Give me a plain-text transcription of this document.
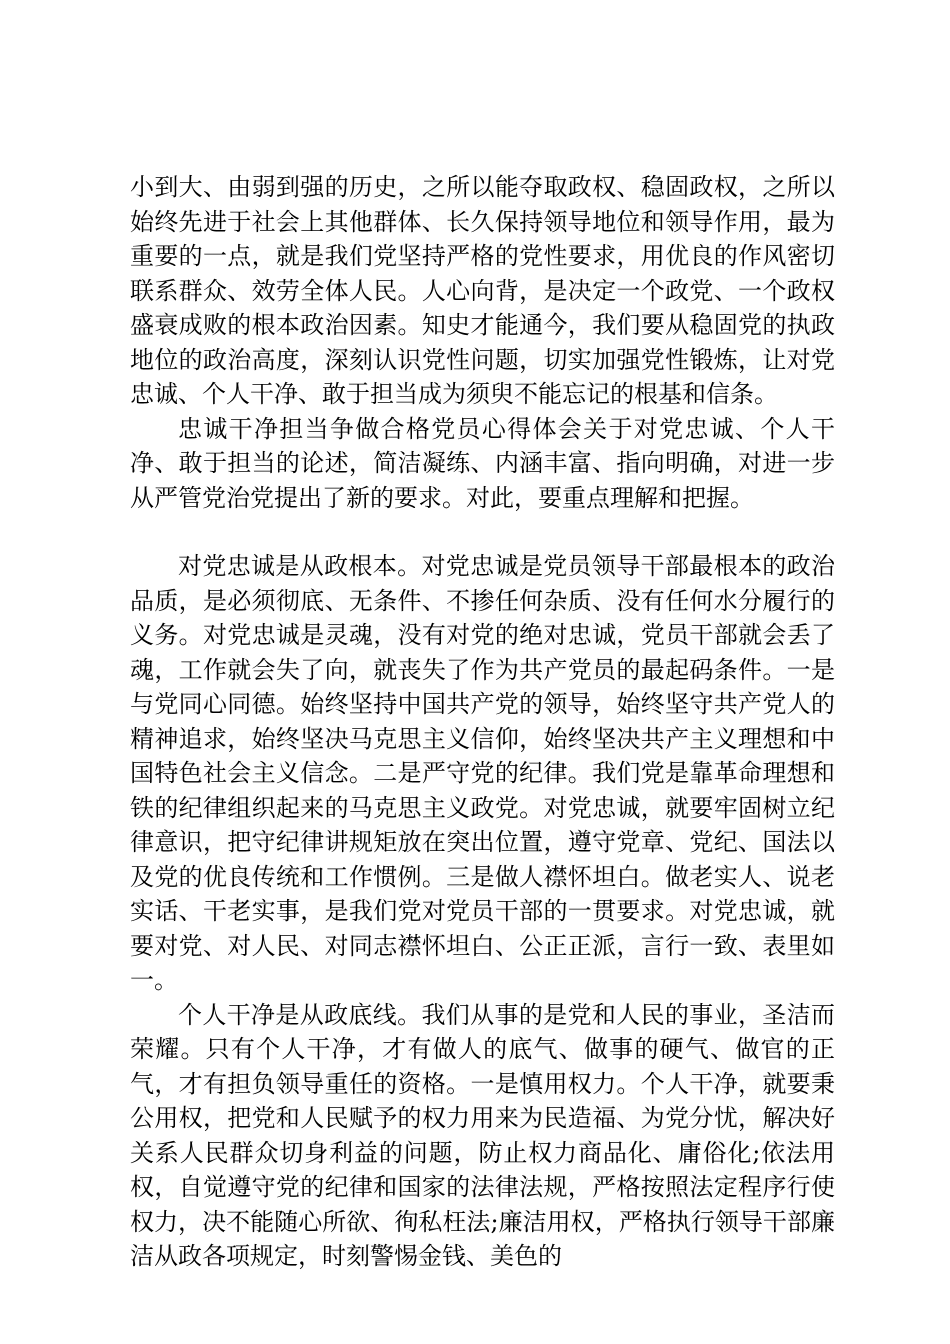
小到大、由弱到强的历史，之所以能夺取政权、稳固政权，之所以始终先进于社会上其他群体、长久保持领导地位和领导作用，最为重要的一点，就是我们党坚持严格的党性要求，用优良的作风密切联系群众、效劳全体人民。人心向背，是决定一个政党、一个政权盛衰成败的根本政治因素。知史才能通今，我们要从稳固党的执政地位的政治高度，深刻认识党性问题，切实加强党性锻炼，让对党忠诚、个人干净、敢于担当成为须臾不能忘记的根基和信条。

忠诚干净担当争做合格党员心得体会关于对党忠诚、个人干净、敢于担当的论述，简洁凝练、内涵丰富、指向明确，对进一步从严管党治党提出了新的要求。对此，要重点理解和把握。

对党忠诚是从政根本。对党忠诚是党员领导干部最根本的政治品质，是必须彻底、无条件、不掺任何杂质、没有任何水分履行的义务。对党忠诚是灵魂，没有对党的绝对忠诚，党员干部就会丢了魂，工作就会失了向，就丧失了作为共产党员的最起码条件。一是与党同心同德。始终坚持中国共产党的领导，始终坚守共产党人的精神追求，始终坚决马克思主义信仰，始终坚决共产主义理想和中国特色社会主义信念。二是严守党的纪律。我们党是靠革命理想和铁的纪律组织起来的马克思主义政党。对党忠诚，就要牢固树立纪律意识，把守纪律讲规矩放在突出位置，遵守党章、党纪、国法以及党的优良传统和工作惯例。三是做人襟怀坦白。做老实人、说老实话、干老实事，是我们党对党员干部的一贯要求。对党忠诚，就要对党、对人民、对同志襟怀坦白、公正正派，言行一致、表里如一。

个人干净是从政底线。我们从事的是党和人民的事业，圣洁而荣耀。只有个人干净，才有做人的底气、做事的硬气、做官的正气，才有担负领导重任的资格。一是慎用权力。个人干净，就要秉公用权，把党和人民赋予的权力用来为民造福、为党分忧，解决好关系人民群众切身利益的问题，防止权力商品化、庸俗化;依法用权，自觉遵守党的纪律和国家的法律法规，严格按照法定程序行使权力，决不能随心所欲、徇私枉法;廉洁用权，严格执行领导干部廉洁从政各项规定，时刻警惕金钱、美色的
